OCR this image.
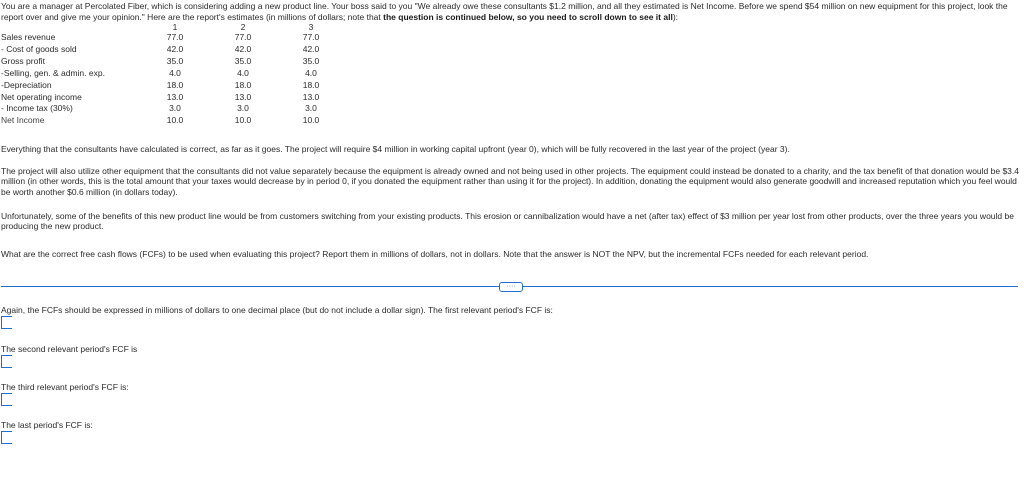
You are a manager at Percolated Fiber, which is considering adding a new product line. Your boss said to you "We already owe these consultants $1.2 million, and all they estimated is Net Income. Before we spend $54 million on new equipment for this project, look the report over and give me your opinion." Here are the report's estimates (in millions of dollars; note that the question is continued below, so you need to scroll down to see it all):
	1	2	3
Sales revenue	77.0	77.0	77.0
- Cost of goods sold	42.0	42.0	42.0
Gross profit	35.0	35.0	35.0
-Selling, gen. & admin. exp.	4.0	4.0	4.0
-Depreciation	18.0	18.0	18.0
Net operating income	13.0	13.0	13.0
- Income tax (30%)	3.0	3.0	3.0
Net Income	10.0	10.0	10.0
Everything that the consultants have calculated is correct, as far as it goes. The project will require $4 million in working capital upfront (year 0), which will be fully recovered in the last year of the project (year 3).
The project will also utilize other equipment that the consultants did not value separately because the equipment is already owned and not being used in other projects. The equipment could instead be donated to a charity, and the tax benefit of that donation would be $3.4 million (in other words, this is the total amount that your taxes would decrease by in period 0, if you donated the equipment rather than using it for the project). In addition, donating the equipment would also generate goodwill and increased reputation which you feel would be worth another $0.6 million (in dollars today).
Unfortunately, some of the benefits of this new product line would be from customers switching from your existing products. This erosion or cannibalization would have a net (after tax) effect of $3 million per year lost from other products, over the three years you would be producing the new product.
What are the correct free cash flows (FCFs) to be used when evaluating this project? Report them in millions of dollars, not in dollars. Note that the answer is NOT the NPV, but the incremental FCFs needed for each relevant period.
····
Again, the FCFs should be expressed in millions of dollars to one decimal place (but do not include a dollar sign). The first relevant period's FCF is:
The second relevant period's FCF is
The third relevant period's FCF is:
The last period's FCF is:
